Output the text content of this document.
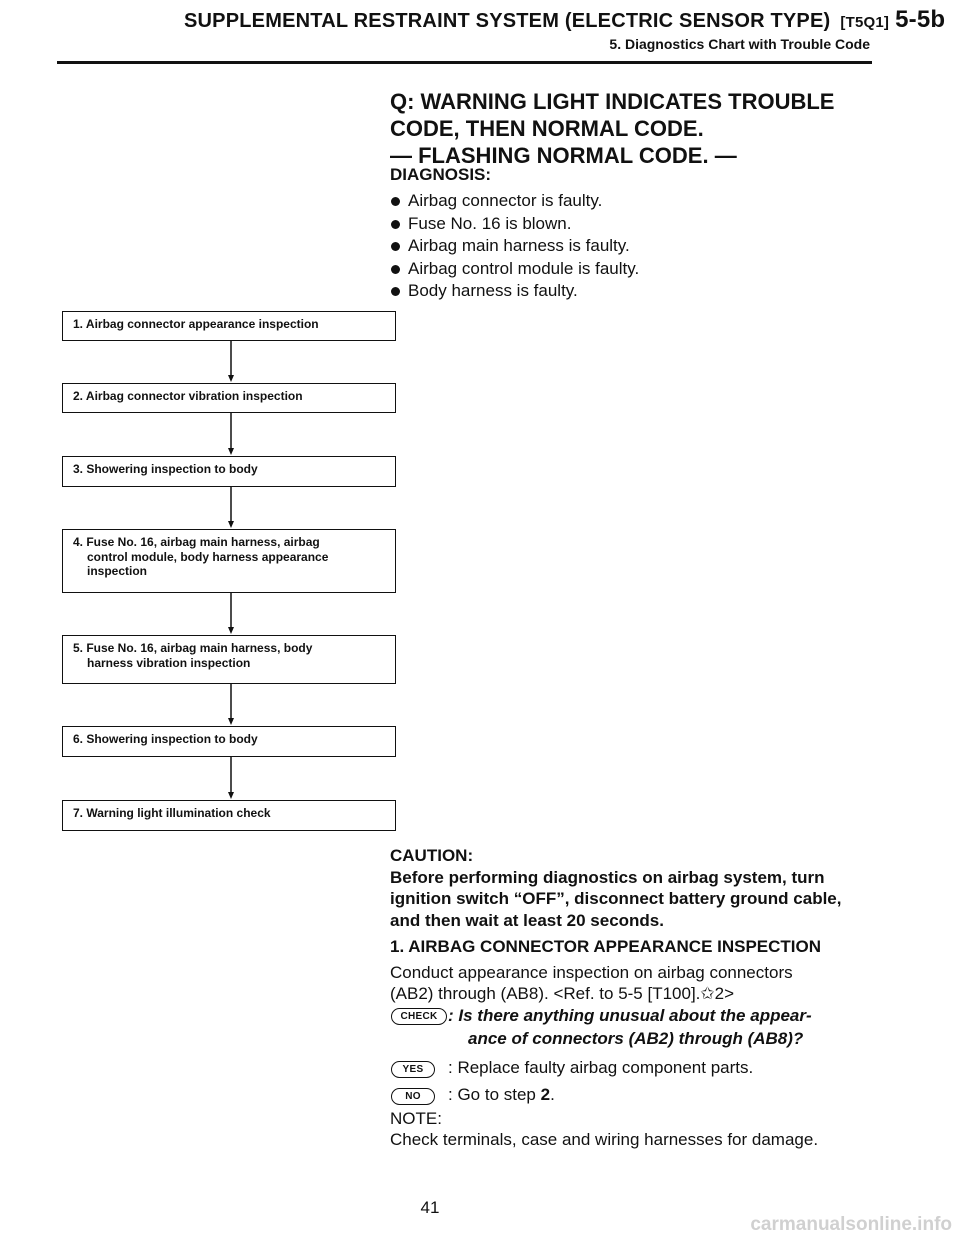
SUPPLEMENTAL RESTRAINT SYSTEM (ELECTRIC SENSOR TYPE) [T5Q1] 5-5b
5. Diagnostics Chart with Trouble Code
Q: WARNING LIGHT INDICATES TROUBLE
CODE, THEN NORMAL CODE.
— FLASHING NORMAL CODE. —
DIAGNOSIS:
Airbag connector is faulty.
Fuse No. 16 is blown.
Airbag main harness is faulty.
Airbag control module is faulty.
Body harness is faulty.
1. Airbag connector appearance inspection
2. Airbag connector vibration inspection
3. Showering inspection to body
4. Fuse No. 16, airbag main harness, airbag
control module, body harness appearance
inspection
5. Fuse No. 16, airbag main harness, body
harness vibration inspection
6. Showering inspection to body
7. Warning light illumination check
CAUTION:
Before performing diagnostics on airbag system, turn
ignition switch “OFF”, disconnect battery ground cable,
and then wait at least 20 seconds.
1. AIRBAG CONNECTOR APPEARANCE INSPECTION
Conduct appearance inspection on airbag connectors
(AB2) through (AB8). <Ref. to 5-5 [T100].✩2>
CHECK : Is there anything unusual about the appear-
ance of connectors (AB2) through (AB8)?
YES	: Replace faulty airbag component parts.
NO	: Go to step 2.
NOTE:
Check terminals, case and wiring harnesses for damage.
41
carmanualsonline.info
